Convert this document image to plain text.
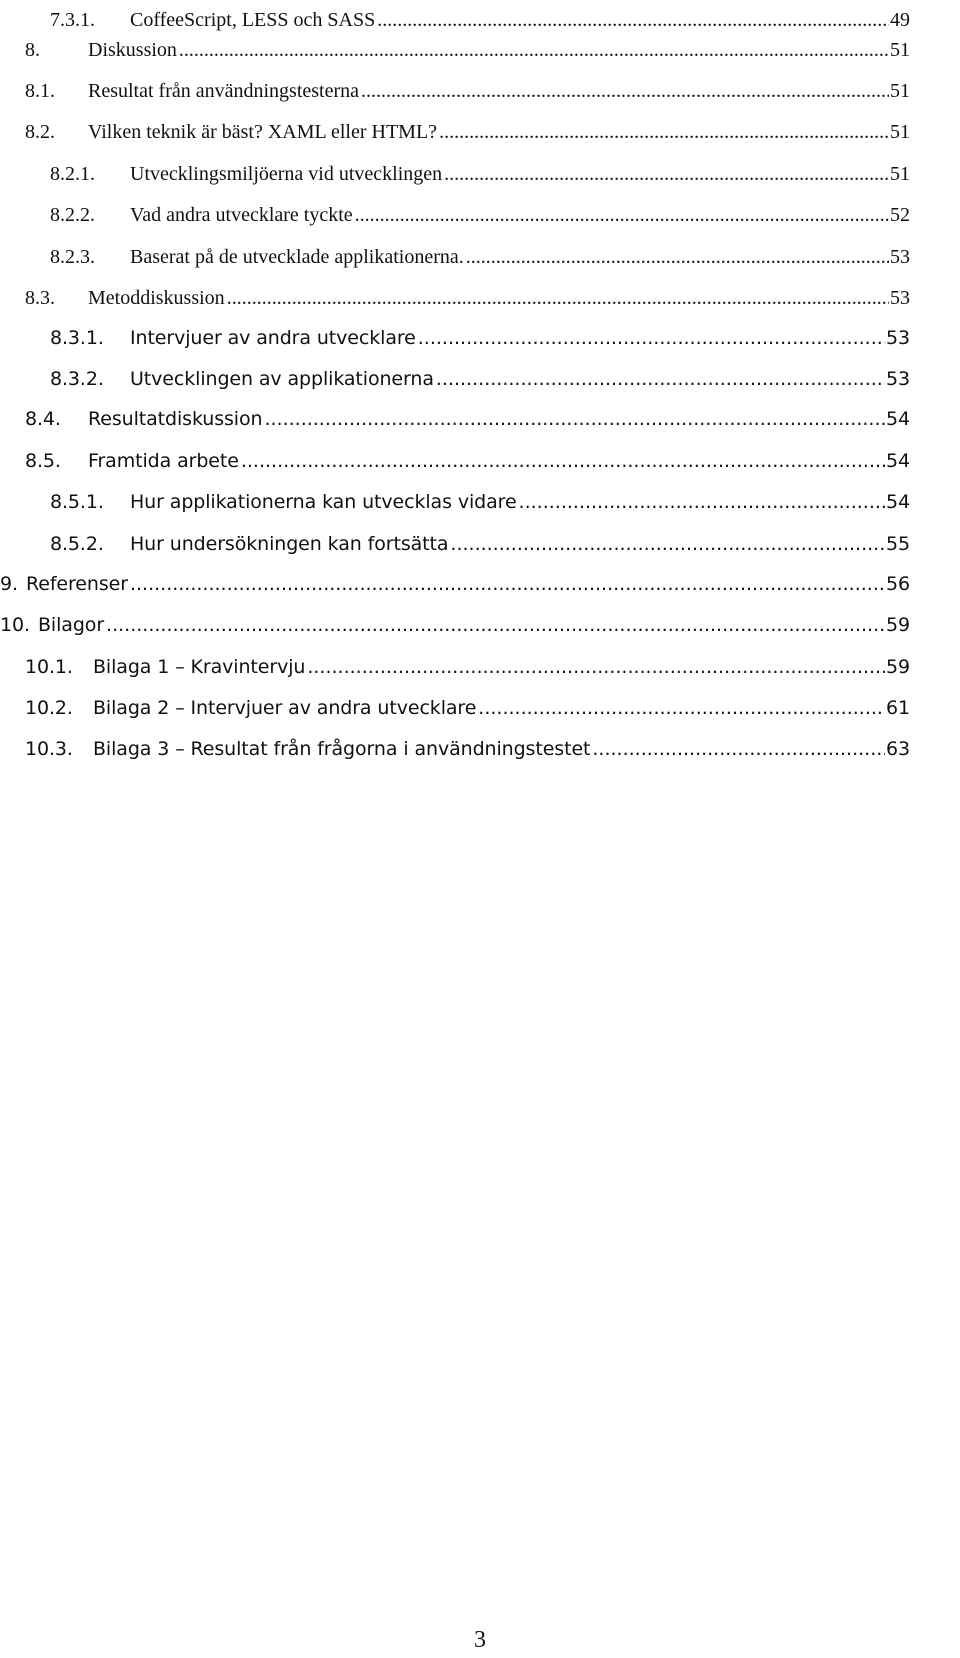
7.3.1. CoffeeScript, LESS och SASS .....	49
8. Diskussion .....	51
8.1. Resultat från användningstesterna .....	51
8.2. Vilken teknik är bäst? XAML eller HTML? .....	51
8.2.1. Utvecklingsmiljöerna vid utvecklingen .....	51
8.2.2. Vad andra utvecklare tyckte .....	52
8.2.3. Baserat på de utvecklade applikationerna. .....	53
8.3. Metoddiskussion .....	53
8.3.1. Intervjuer av andra utvecklare .....	53
8.3.2. Utvecklingen av applikationerna .....	53
8.4. Resultatdiskussion .....	54
8.5. Framtida arbete .....	54
8.5.1. Hur applikationerna kan utvecklas vidare .....	54
8.5.2. Hur undersökningen kan fortsätta .....	55
9. Referenser .....	56
10. Bilagor .....	59
10.1. Bilaga 1 – Kravintervju .....	59
10.2. Bilaga 2 – Intervjuer av andra utvecklare .....	61
10.3. Bilaga 3 – Resultat från frågorna i användningstestet .....	63
3
